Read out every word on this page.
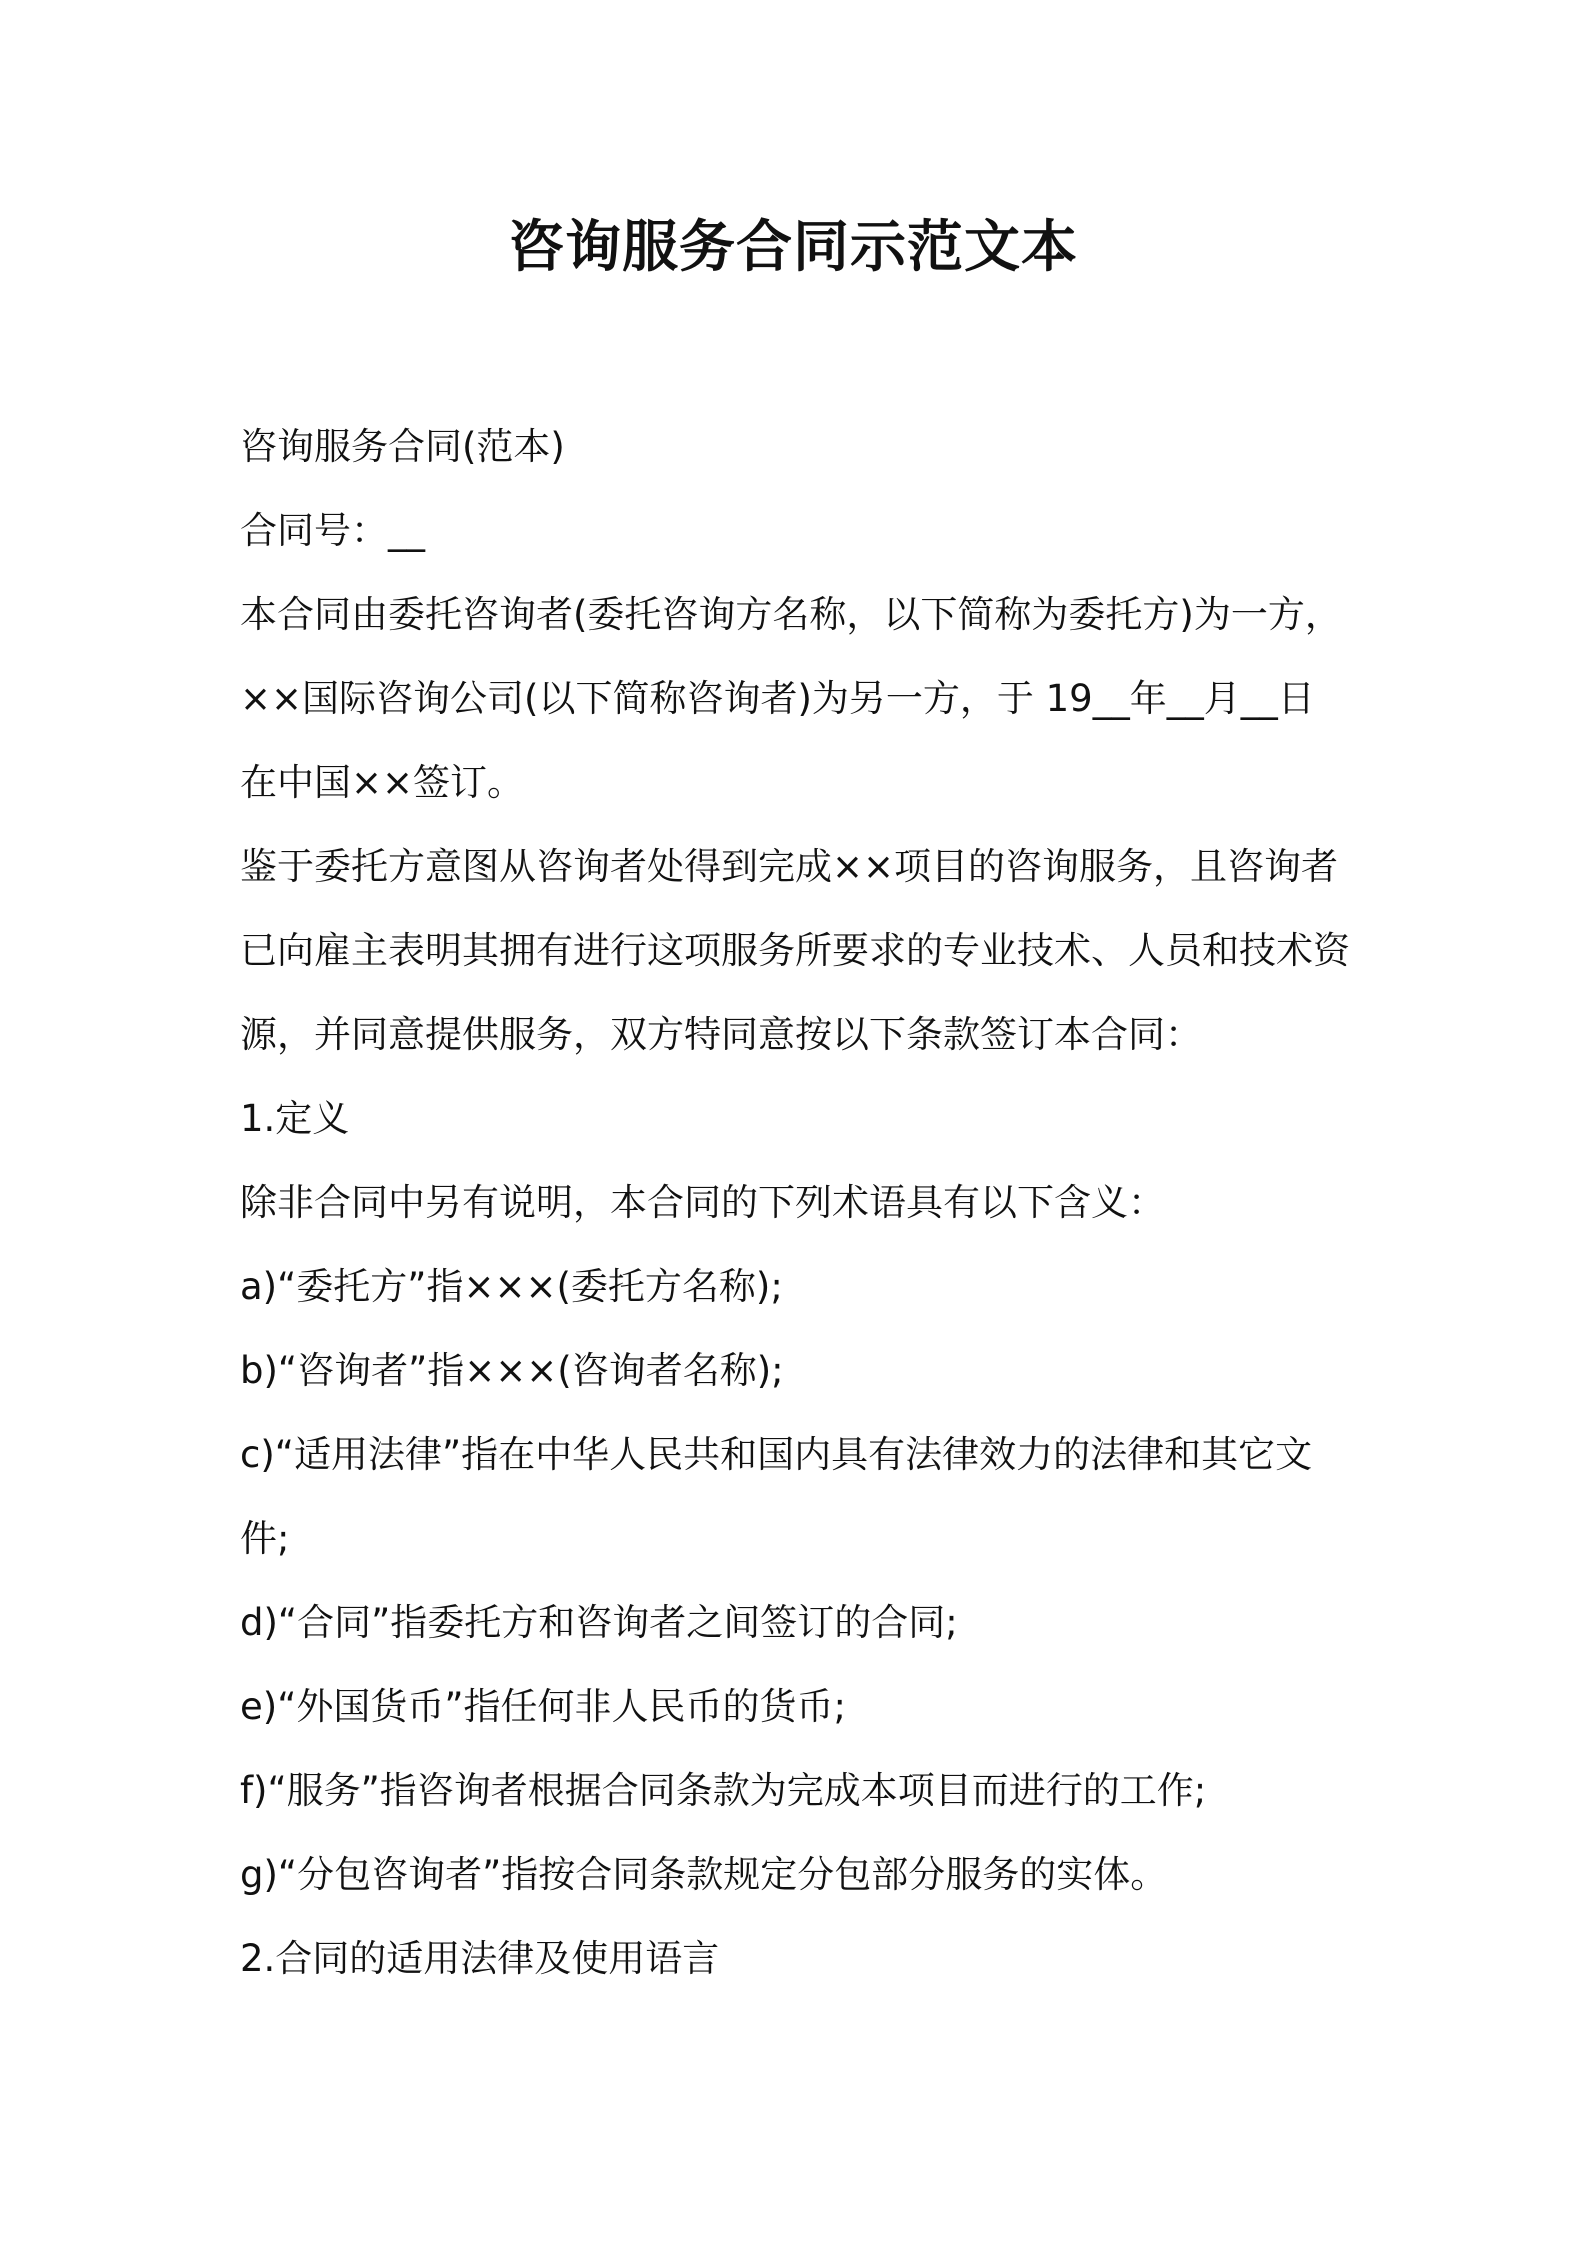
咨询服务合同示范文本
咨询服务合同(范本)
合同号：__
本合同由委托咨询者(委托咨询方名称，以下简称为委托方)为一方，
××国际咨询公司(以下简称咨询者)为另一方，于 19__年__月__日
在中国××签订。
鉴于委托方意图从咨询者处得到完成××项目的咨询服务，且咨询者
已向雇主表明其拥有进行这项服务所要求的专业技术、人员和技术资
源，并同意提供服务，双方特同意按以下条款签订本合同：
1.定义
除非合同中另有说明，本合同的下列术语具有以下含义：
a)“委托方”指×××(委托方名称);
b)“咨询者”指×××(咨询者名称);
c)“适用法律”指在中华人民共和国内具有法律效力的法律和其它文
件;
d)“合同”指委托方和咨询者之间签订的合同;
e)“外国货币”指任何非人民币的货币;
f)“服务”指咨询者根据合同条款为完成本项目而进行的工作;
g)“分包咨询者”指按合同条款规定分包部分服务的实体。
2.合同的适用法律及使用语言
